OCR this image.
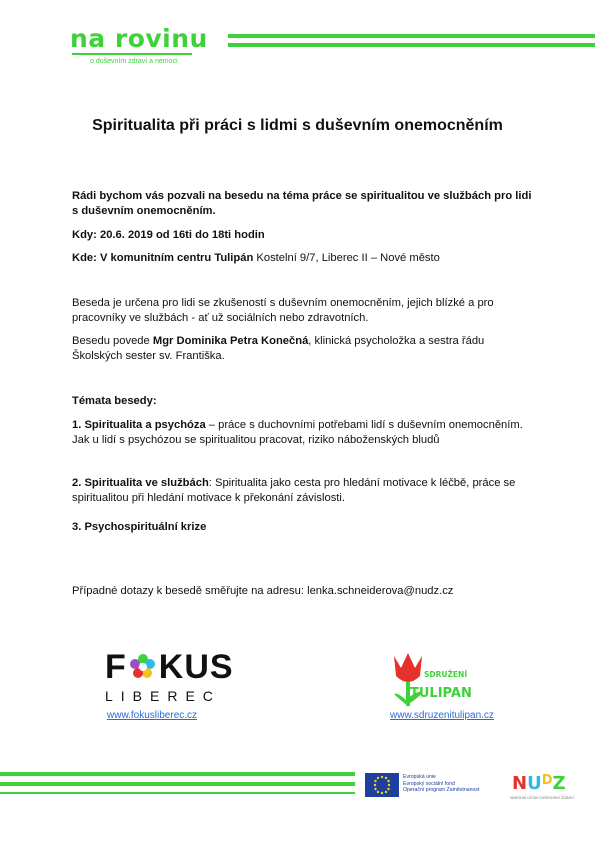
na rovinu
o duševním zdraví a nemoci
Spiritualita při práci s lidmi s duševním onemocněním
Rádi bychom vás pozvali na besedu na téma práce se spiritualitou ve službách pro lidi s duševním onemocněním.
Kdy: 20.6. 2019 od 16ti do 18ti hodin
Kde: V komunitním centru Tulipán Kostelní 9/7, Liberec II – Nové město
Beseda je určena pro lidi se zkušeností s duševním onemocněním, jejich blízké a pro pracovníky ve službách - ať už sociálních nebo zdravotních.
Besedu povede Mgr Dominika Petra Konečná, klinická psycholožka a sestra řádu Školských sester sv. Františka.
Témata besedy:
1. Spiritualita a psychóza – práce s duchovními potřebami lidí s duševním onemocněním. Jak u lidí s psychózou se spiritualitou pracovat, riziko náboženských bludů
2. Spiritualita ve službách: Spiritualita jako cesta pro hledání motivace k léčbě, práce se spiritualitou při hledání motivace k překonání závislosti.
3. Psychospirituální krize
Případné dotazy k besedě směřujte na adresu: lenka.schneiderova@nudz.cz
F KUS
LIBEREC
www.fokusliberec.cz
SDRUŽENÍ
TULIPAN
www.sdruzenitulipan.cz
Evropská unie
Evropský sociální fond
Operační program Zaměstnanost $NU^DZ$
NÁRODNÍ ÚSTAV DUŠEVNÍHO ZDRAVÍ
